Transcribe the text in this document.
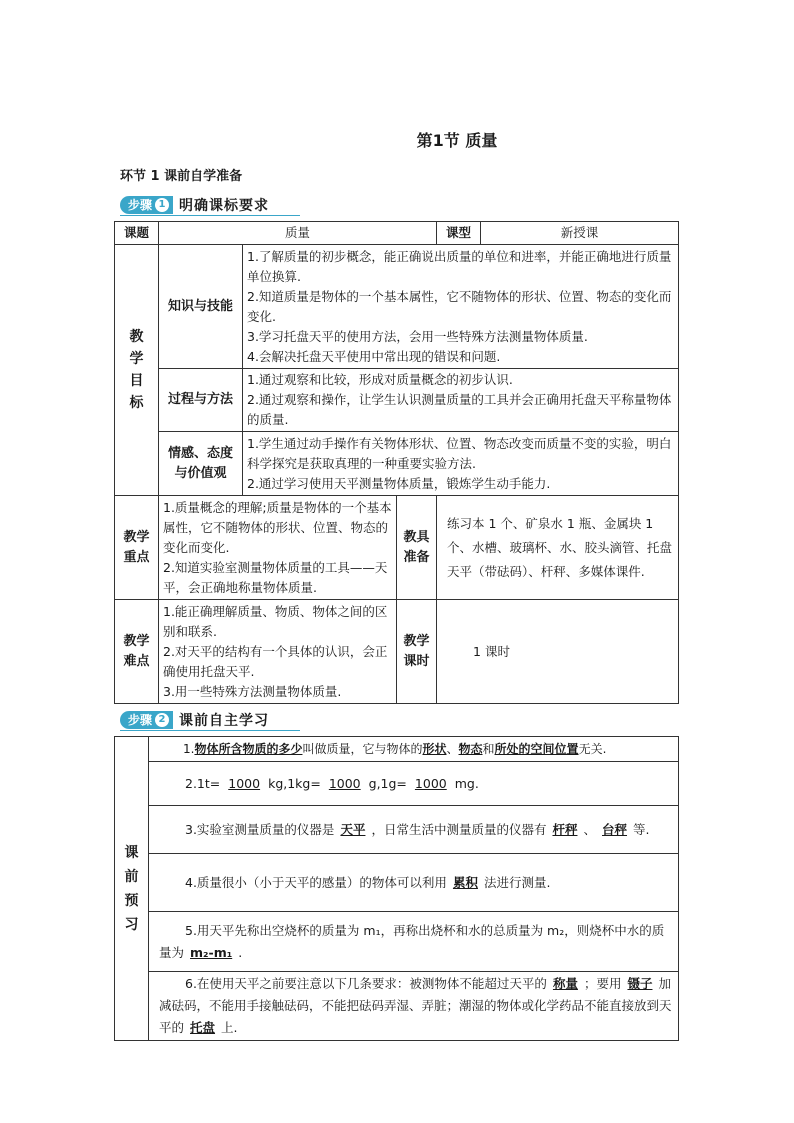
第1节 质量
环节 1 课前自学准备
步骤 1 明确课标要求
课题	质量			课型	新授课

教学目标	知识与技能	1.了解质量的初步概念，能正确说出质量的单位和进率，并能正确地进行质量单位换算.
2.知道质量是物体的一个基本属性，它不随物体的形状、位置、物态的变化而变化.
3.学习托盘天平的使用方法，会用一些特殊方法测量物体质量.
4.会解决托盘天平使用中常出现的错误和问题.			

	过程与方法	1.通过观察和比较，形成对质量概念的初步认识.
2.通过观察和操作，让学生认识测量质量的工具并会正确用托盘天平称量物体的质量.			

	情感、态度与价值观	1.学生通过动手操作有关物体形状、位置、物态改变而质量不变的实验，明白科学探究是获取真理的一种重要实验方法.
2.通过学习使用天平测量物体质量，锻炼学生动手能力.			

教学重点	1.质量概念的理解;质量是物体的一个基本属性，它不随物体的形状、位置、物态的变化而变化.
2.知道实验室测量物体质量的工具——天平，会正确地称量物体质量.		教具准备	练习本 1 个、矿泉水 1 瓶、金属块 1 个、水槽、玻璃杯、水、胶头滴管、托盘天平（带砝码）、杆秤、多媒体课件.	

教学难点	1.能正确理解质量、物质、物体之间的区别和联系.
2.对天平的结构有一个具体的认识，会正确使用托盘天平.
3.用一些特殊方法测量物体质量.		教学课时	1 课时	
步骤 2 课前自主学习
课前预习
	1.物体所含物质的多少叫做质量，它与物体的形状、物态和所处的空间位置无关.
2.1t= 1000 kg,1kg= 1000 g,1g= 1000 mg.
3.实验室测量质量的仪器是 天平 ，日常生活中测量质量的仪器有 杆秤 、 台秤 等.
4.质量很小（小于天平的感量）的物体可以利用 累积 法进行测量.
5.用天平先称出空烧杯的质量为 m₁，再称出烧杯和水的总质量为 m₂，则烧杯中水的质量为 m₂-m₁ .
6.在使用天平之前要注意以下几条要求：被测物体不能超过天平的 称量 ；要用 镊子 加减砝码，不能用手接触砝码，不能把砝码弄湿、弄脏；潮湿的物体或化学药品不能直接放到天平的 托盘 上.
